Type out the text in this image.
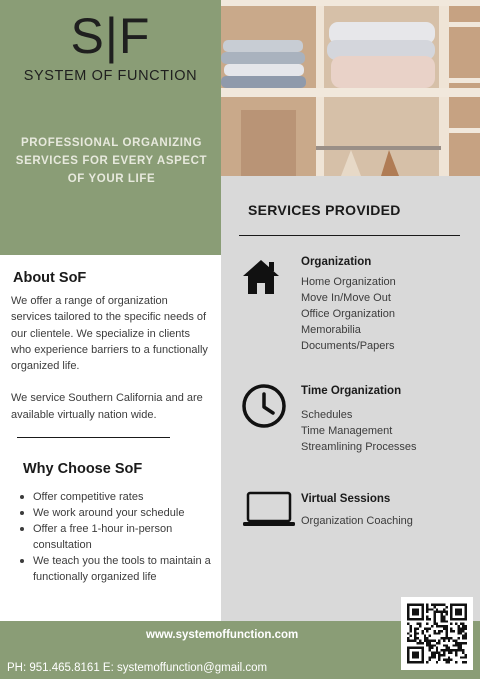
S|F
SYSTEM OF FUNCTION
PROFESSIONAL ORGANIZING SERVICES FOR EVERY ASPECT OF YOUR LIFE
SERVICES PROVIDED
Organization
Home Organization
Move In/Move Out
Office Organization
Memorabilia
Documents/Papers
Time Organization
Schedules
Time Management
Streamlining Processes
Virtual Sessions
Organization Coaching
About SoF

We offer a range of organization services tailored to the specific needs of our clientele. We specialize in clients who experience barriers to a functionally organized life.

We service Southern California and are available virtually nation wide.

Why Choose SoF
Offer competitive rates
We work around your schedule
Offer a free 1-hour in-person consultation
We teach you the tools to maintain a functionally organized life
www.systemoffunction.com
PH: 951.465.8161 E: systemoffunction@gmail.com
